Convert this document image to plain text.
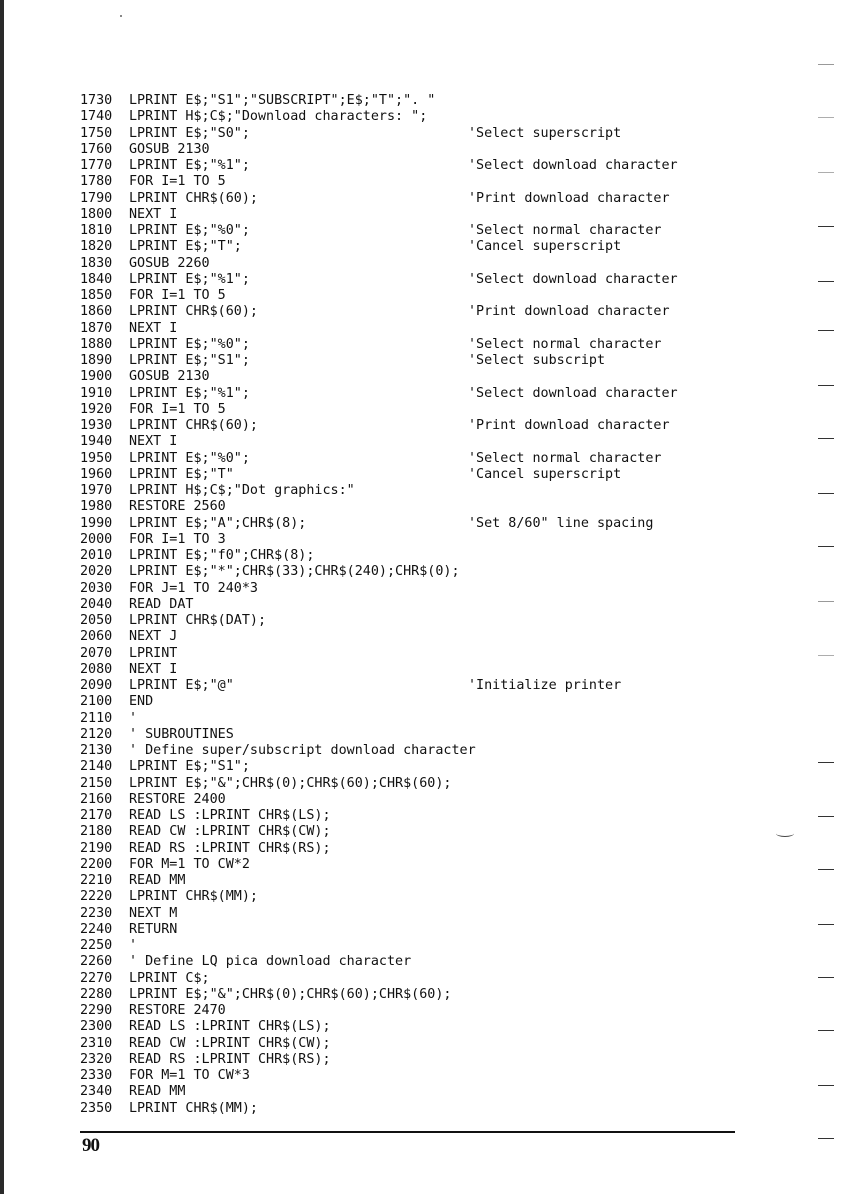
1730 LPRINT E$;"S1";"SUBSCRIPT";E$;"T";". "
1740 LPRINT H$;C$;"Download characters: ";
1750 LPRINT E$;"S0";	'Select superscript
1760 GOSUB 2130
1770 LPRINT E$;"%1";	'Select download character
1780 FOR I=1 TO 5
1790 LPRINT CHR$(60);	'Print download character
1800 NEXT I
1810 LPRINT E$;"%0";	'Select normal character
1820 LPRINT E$;"T";	'Cancel superscript
1830 GOSUB 2260
1840 LPRINT E$;"%1";	'Select download character
1850 FOR I=1 TO 5
1860 LPRINT CHR$(60);	'Print download character
1870 NEXT I
1880 LPRINT E$;"%0";	'Select normal character
1890 LPRINT E$;"S1";	'Select subscript
1900 GOSUB 2130
1910 LPRINT E$;"%1";	'Select download character
1920 FOR I=1 TO 5
1930 LPRINT CHR$(60);	'Print download character
1940 NEXT I
1950 LPRINT E$;"%0";	'Select normal character
1960 LPRINT E$;"T"	'Cancel superscript
1970 LPRINT H$;C$;"Dot graphics:"
1980 RESTORE 2560
1990 LPRINT E$;"A";CHR$(8);	'Set 8/60" line spacing
2000 FOR I=1 TO 3
2010 LPRINT E$;"f0";CHR$(8);
2020 LPRINT E$;"*";CHR$(33);CHR$(240);CHR$(0);
2030 FOR J=1 TO 240*3
2040 READ DAT
2050 LPRINT CHR$(DAT);
2060 NEXT J
2070 LPRINT
2080 NEXT I
2090 LPRINT E$;"@"	'Initialize printer
2100 END
2110 '
2120 ' SUBROUTINES
2130 ' Define super/subscript download character
2140 LPRINT E$;"S1";
2150 LPRINT E$;"&";CHR$(0);CHR$(60);CHR$(60);
2160 RESTORE 2400
2170 READ LS :LPRINT CHR$(LS);
2180 READ CW :LPRINT CHR$(CW);
2190 READ RS :LPRINT CHR$(RS);
2200 FOR M=1 TO CW*2
2210 READ MM
2220 LPRINT CHR$(MM);
2230 NEXT M
2240 RETURN
2250 '
2260 ' Define LQ pica download character
2270 LPRINT C$;
2280 LPRINT E$;"&";CHR$(0);CHR$(60);CHR$(60);
2290 RESTORE 2470
2300 READ LS :LPRINT CHR$(LS);
2310 READ CW :LPRINT CHR$(CW);
2320 READ RS :LPRINT CHR$(RS);
2330 FOR M=1 TO CW*3
2340 READ MM
2350 LPRINT CHR$(MM);
90
